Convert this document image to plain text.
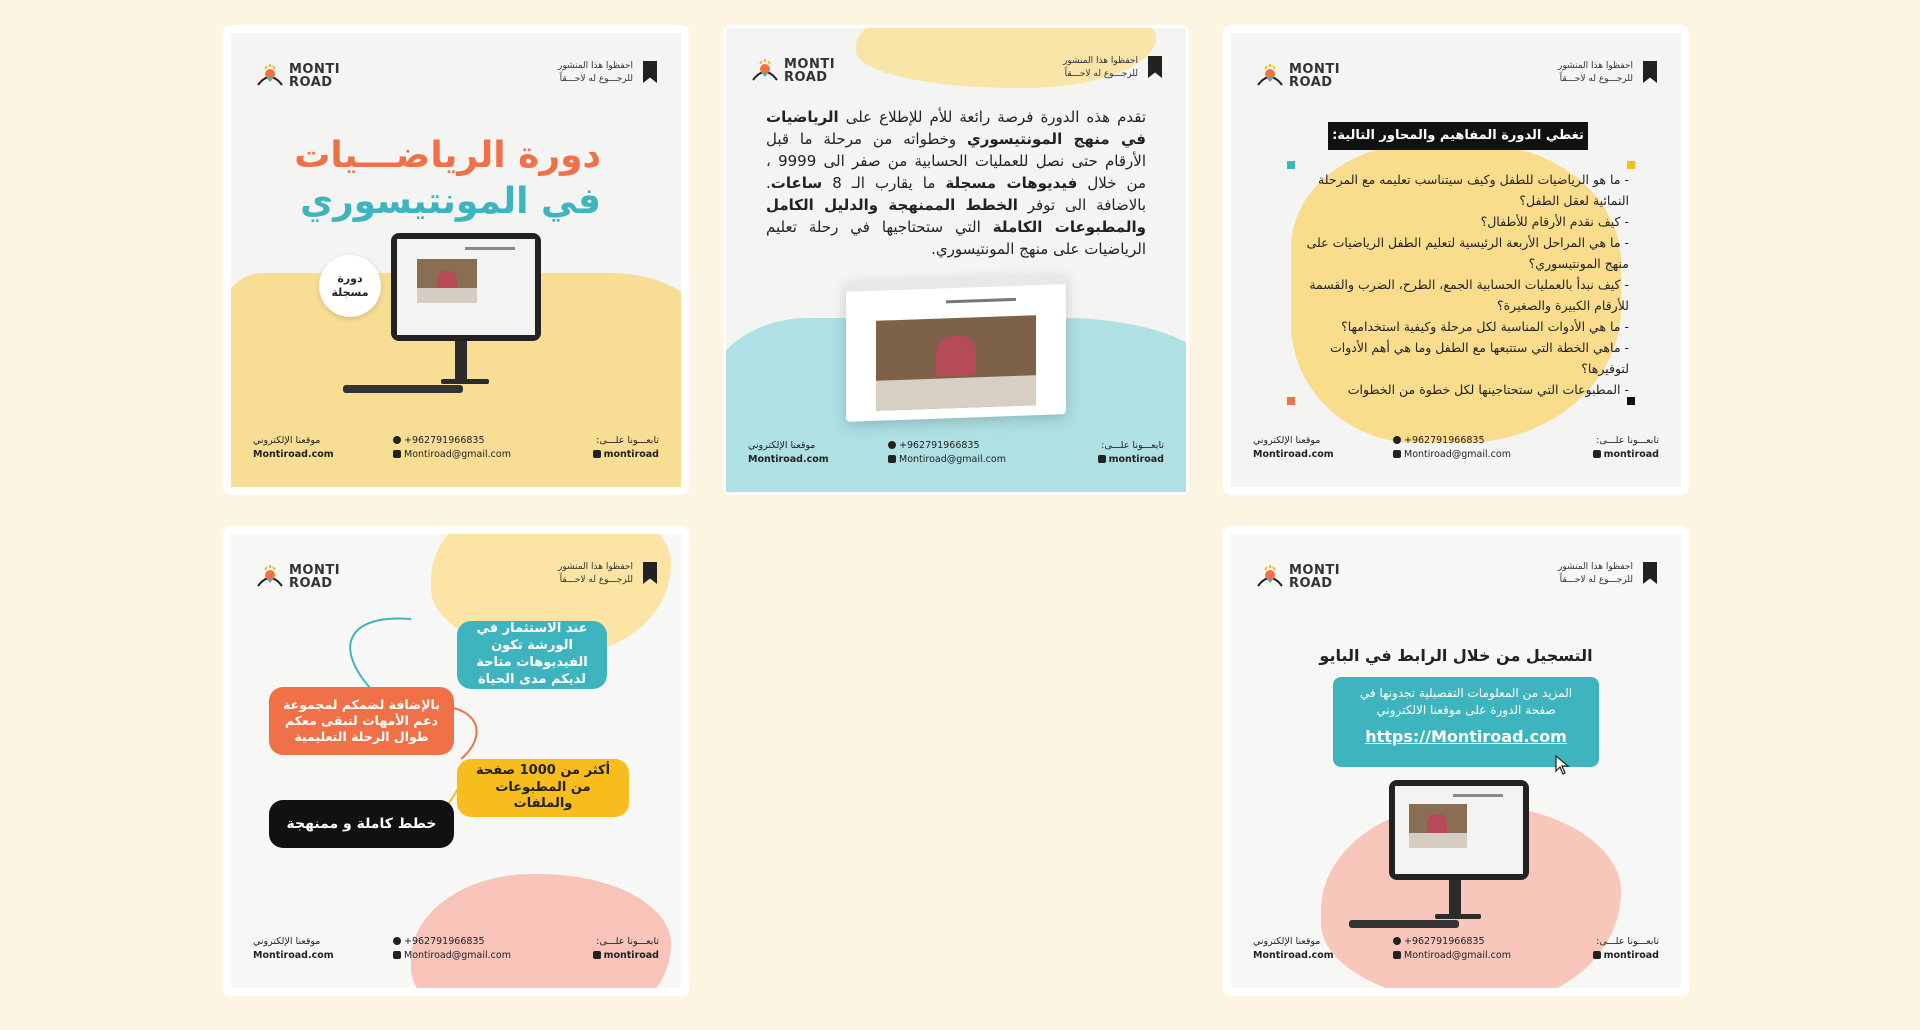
MONTI
ROAD
احفظوا هذا المنشور
للرجـــوع له لاحـــقاً
دورة الرياضـــيات
في المونتيسوري
دورة
مسجلة
موقعنا الإلكتروني
Montiroad.com
+962791966835
Montiroad@gmail.com
تابعـــونا علـــى:
montiroad
MONTI
ROAD
احفظوا هذا المنشور
للرجـــوع له لاحـــقاً
تقدم هذه الدورة فرصة رائعة للأم للإطلاع على الرياضيات في منهج المونتيسوري وخطواته من مرحلة ما قبل الأرقام حتى نصل للعمليات الحسابية من صفر الى 9999 ، من خلال فيديوهات مسجلة ما يقارب الـ 8 ساعات. بالاضافة الى توفر الخطط الممنهجة والدليل الكامل والمطبوعات الكاملة التي ستحتاجيها في رحلة تعليم الرياضيات على منهج المونتيسوري.
موقعنا الإلكتروني
Montiroad.com
+962791966835
Montiroad@gmail.com
تابعـــونا علـــى:
montiroad
MONTI
ROAD
احفظوا هذا المنشور
للرجـــوع له لاحـــقاً
تغطي الدورة المفاهيم والمحاور التالية:
- ما هو الرياضيات للطفل وكيف سيتناسب تعليمه مع المرحلة النمائية لعقل الطفل؟
- كيف نقدم الأرقام للأطفال؟
- ما هي المراحل الأربعة الرئيسية لتعليم الطفل الرياضيات على منهج المونتيسوري؟
- كيف نبدأ بالعمليات الحسابية الجمع، الطرح، الضرب والقسمة للأرقام الكبيرة والصغيرة؟
- ما هي الأدوات المناسبة لكل مرحلة وكيفية استخدامها؟
- ماهي الخطة التي ستتبعها مع الطفل وما هي أهم الأدوات لتوفيرها؟
- المطبوعات التي ستحتاجينها لكل خطوة من الخطوات
موقعنا الإلكتروني
Montiroad.com
+962791966835
Montiroad@gmail.com
تابعـــونا علـــى:
montiroad
MONTI
ROAD
احفظوا هذا المنشور
للرجـــوع له لاحـــقاً
عند الاستثمار في الورشة تكون الفيديوهات متاحة لديكم مدى الحياة
بالإضافة لضمكم لمجموعة دعم الأمهات لنبقى معكم طوال الرحلة التعليمية
أكثر من 1000 صفحة من المطبوعات والملفات
خطط كاملة و ممنهجة
موقعنا الإلكتروني
Montiroad.com
+962791966835
Montiroad@gmail.com
تابعـــونا علـــى:
montiroad
MONTI
ROAD
احفظوا هذا المنشور
للرجـــوع له لاحـــقاً
التسجيل من خلال الرابط في البايو
المزيد من المعلومات التفصيلية تجدونها في صفحة الدورة على موقعنا الالكتروني
https://Montiroad.com
موقعنا الإلكتروني
Montiroad.com
+962791966835
Montiroad@gmail.com
تابعـــونا علـــى:
montiroad
